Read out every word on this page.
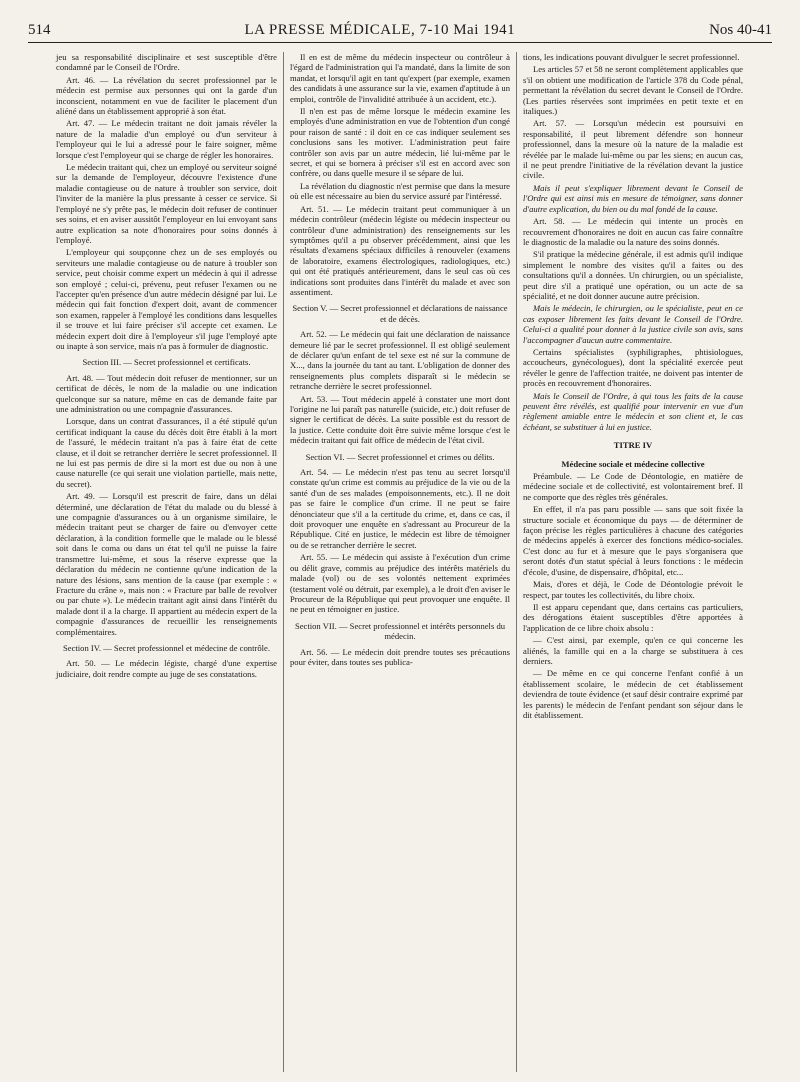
514	LA PRESSE MÉDICALE, 7-10 Mai 1941	Nos 40-41

jeu sa responsabilité disciplinaire et sest susceptible d'être condamné par le Conseil de l'Ordre.

Art. 46. — La révélation du secret professionnel par le médecin est permise aux personnes qui ont la garde d'un inconscient, notamment en vue de faciliter le placement d'un aliéné dans un établissement approprié à son état.

Art. 47. — Le médecin traitant ne doit jamais révéler la nature de la maladie d'un employé ou d'un serviteur à l'employeur qui le lui a adressé pour le faire soigner, même lorsque c'est l'employeur qui se charge de régler les honoraires.

Le médecin traitant qui, chez un employé ou serviteur soigné sur la demande de l'employeur, découvre l'existence d'une maladie contagieuse ou de nature à troubler son service, doit l'inviter de la manière la plus pressante à cesser ce service. Si l'employé ne s'y prête pas, le médecin doit refuser de continuer ses soins, et en aviser aussitôt l'employeur en lui envoyant sans autre explication sa note d'honoraires pour soins donnés à l'employé.

L'employeur qui soupçonne chez un de ses employés ou serviteurs une maladie contagieuse ou de nature à troubler son service, peut choisir comme expert un médecin à qui il adresse son employé ; celui-ci, prévenu, peut refuser l'examen ou ne l'accepter qu'en présence d'un autre médecin désigné par lui. Le médecin qui fait fonction d'expert doit, avant de commencer son examen, rappeler à l'employé les conditions dans lesquelles il se trouve et lui faire préciser s'il accepte cet examen. Le médecin expert doit dire à l'employeur s'il juge l'employé apte ou inapte à son service, mais n'a pas à formuler de diagnostic.

Section III. — Secret professionnel et certificats.

Art. 48. — Tout médecin doit refuser de mentionner, sur un certificat de décès, le nom de la maladie ou une indication quelconque sur sa nature, même en cas de demande faite par une administration ou une compagnie d'assurances.

Lorsque, dans un contrat d'assurances, il a été stipulé qu'un certificat indiquant la cause du décès doit être établi à la mort de l'assuré, le médecin traitant n'a pas à faire état de cette clause, et il doit se retrancher derrière le secret professionnel. Il ne lui est pas permis de dire si la mort est due ou non à une cause naturelle (ce qui serait une violation partielle, mais nette, du secret).

Art. 49. — Lorsqu'il est prescrit de faire, dans un délai déterminé, une déclaration de l'état du malade ou du blessé à une compagnie d'assurances ou à un organisme similaire, le médecin traitant peut se charger de faire ou d'envoyer cette déclaration, à la condition formelle que le malade ou le blessé soit dans le coma ou dans un état tel qu'il ne puisse la faire transmettre lui-même, et sous la réserve expresse que la déclaration du médecin ne contienne qu'une indication de la nature des lésions, sans mention de la cause (par exemple : « Fracture du crâne », mais non : « Fracture par balle de revolver ou par chute »). Le médecin traitant agit ainsi dans l'intérêt du malade dont il a la charge. Il appartient au médecin expert de la compagnie d'assurances de recueillir les renseignements complémentaires.

Section IV. — Secret professionnel et médecine de contrôle.

Art. 50. — Le médecin légiste, chargé d'une expertise judiciaire, doit rendre compte au juge de ses constatations.

Il en est de même du médecin inspecteur ou contrôleur à l'égard de l'administration qui l'a mandaté, dans la limite de son mandat, et lorsqu'il agit en tant qu'expert (par exemple, examen des candidats à une assurance sur la vie, examen d'aptitude à un emploi, contrôle de l'invalidité attribuée à un accident, etc.).

Il n'en est pas de même lorsque le médecin examine les employés d'une administration en vue de l'obtention d'un congé pour raison de santé : il doit en ce cas indiquer seulement ses conclusions sans les motiver. L'administration peut faire contrôler son avis par un autre médecin, lié lui-même par le secret, et qui se bornera à préciser s'il est en accord avec son confrère, ou dans quelle mesure il se sépare de lui.

La révélation du diagnostic n'est permise que dans la mesure où elle est nécessaire au bien du service assuré par l'intéressé.

Art. 51. — Le médecin traitant peut communiquer à un médecin contrôleur (médecin légiste ou médecin inspecteur ou contrôleur d'une administration) des renseignements sur les symptômes qu'il a pu observer précédemment, ainsi que les résultats d'examens spéciaux difficiles à renouveler (examens de laboratoire, examens électrologiques, radiologiques, etc.) qui ont été pratiqués antérieurement, dans le seul cas où ces indications sont produites dans l'intérêt du malade et avec son assentiment.

Section V. — Secret professionnel et déclarations de naissance et de décès.

Art. 52. — Le médecin qui fait une déclaration de naissance demeure lié par le secret professionnel. Il est obligé seulement de déclarer qu'un enfant de tel sexe est né sur la commune de X..., dans la journée du tant au tant. L'obligation de donner des renseignements plus complets disparaît si le médecin se retranche derrière le secret professionnel.

Art. 53. — Tout médecin appelé à constater une mort dont l'origine ne lui paraît pas naturelle (suicide, etc.) doit refuser de signer le certificat de décès. La suite possible est du ressort de la justice. Cette conduite doit être suivie même lorsque c'est le médecin traitant qui fait office de médecin de l'état civil.

Section VI. — Secret professionnel et crimes ou délits.

Art. 54. — Le médecin n'est pas tenu au secret lorsqu'il constate qu'un crime est commis au préjudice de la vie ou de la santé d'un de ses malades (empoisonnements, etc.). Il ne doit pas se faire le complice d'un crime. Il ne peut se faire dénonciateur que s'il a la certitude du crime, et, dans ce cas, il doit provoquer une enquête en s'adressant au Procureur de la République. Cité en justice, le médecin est libre de témoigner ou de se retrancher derrière le secret.

Art. 55. — Le médecin qui assiste à l'exécution d'un crime ou délit grave, commis au préjudice des intérêts matériels du malade (vol) ou de ses volontés nettement exprimées (testament volé ou détruit, par exemple), a le droit d'en aviser le Procureur de la République qui peut provoquer une enquête. Il ne peut en témoigner en justice.

Section VII. — Secret professionnel et intérêts personnels du médecin.

Art. 56. — Le médecin doit prendre toutes ses précautions pour éviter, dans toutes ses publica-

tions, les indications pouvant divulguer le secret professionnel.

Les articles 57 et 58 ne seront complètement applicables que s'il on obtient une modification de l'article 378 du Code pénal, permettant la révélation du secret devant le Conseil de l'Ordre. (Les parties réservées sont imprimées en petit texte et en italiques.)

Art. 57. — Lorsqu'un médecin est poursuivi en responsabilité, il peut librement défendre son honneur professionnel, dans la mesure où la nature de la maladie est révélée par le malade lui-même ou par les siens; en aucun cas, il ne peut prendre l'initiative de la révélation devant la justice civile.

Mais il peut s'expliquer librement devant le Conseil de l'Ordre qui est ainsi mis en mesure de témoigner, sans donner d'autre explication, du bien ou du mal fondé de la cause.

Art. 58. — Le médecin qui intente un procès en recouvrement d'honoraires ne doit en aucun cas faire connaître le diagnostic de la maladie ou la nature des soins donnés.

S'il pratique la médecine générale, il est admis qu'il indique simplement le nombre des visites qu'il a faites ou des consultations qu'il a données. Un chirurgien, ou un spécialiste, peut dire s'il a pratiqué une opération, ou un acte de sa spécialité, et ne doit donner aucune autre précision.

Mais le médecin, le chirurgien, ou le spécialiste, peut en ce cas exposer librement les faits devant le Conseil de l'Ordre. Celui-ci a qualité pour donner à la justice civile son avis, sans l'accompagner d'aucun autre commentaire.

Certains spécialistes (syphiligraphes, phtisiologues, accoucheurs, gynécologues), dont la spécialité exercée peut révéler le genre de l'affection traitée, ne doivent pas intenter de procès en recouvrement d'honoraires.

Mais le Conseil de l'Ordre, à qui tous les faits de la cause peuvent être révélés, est qualifié pour intervenir en vue d'un règlement amiable entre le médecin et son client et, le cas échéant, se substituer à lui en justice.

TITRE IV

Médecine sociale et médecine collective

Préambule. — Le Code de Déontologie, en matière de médecine sociale et de collectivité, est volontairement bref. Il ne comporte que des règles très générales.

En effet, il n'a pas paru possible — sans que soit fixée la structure sociale et économique du pays — de déterminer de façon précise les règles particulières à chacune des catégories de médecins appelés à exercer des fonctions médico-sociales. C'est donc au fur et à mesure que le pays s'organisera que seront dotés d'un statut spécial à leurs fonctions : le médecin d'école, d'usine, de dispensaire, d'hôpital, etc...

Mais, d'ores et déjà, le Code de Déontologie prévoit le respect, par toutes les collectivités, du libre choix.

Il est apparu cependant que, dans certains cas particuliers, des dérogations étaient susceptibles d'être apportées à l'application de ce libre choix absolu :

— C'est ainsi, par exemple, qu'en ce qui concerne les aliénés, la famille qui en a la charge se substituera à ces derniers.

— De même en ce qui concerne l'enfant confié à un établissement scolaire, le médecin de cet établissement deviendra de toute évidence (et sauf désir contraire exprimé par les parents) le médecin de l'enfant pendant son séjour dans le dit établissement.
